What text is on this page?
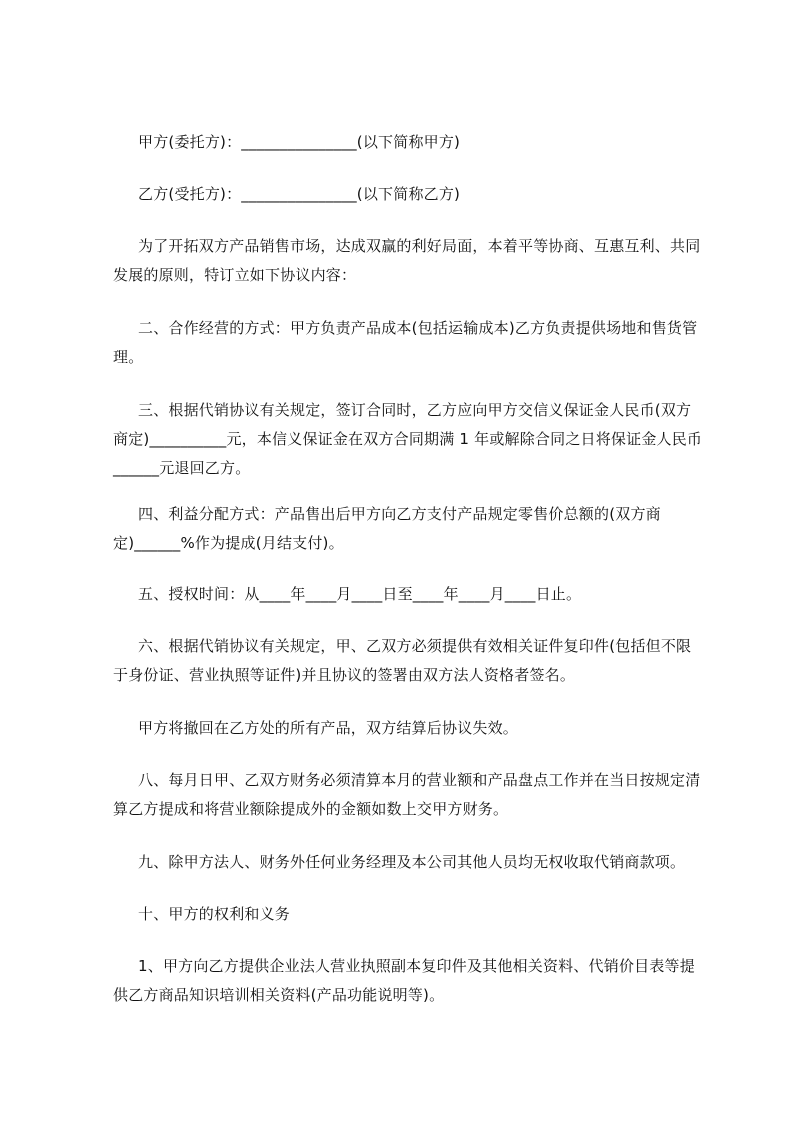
甲方(委托方)：_______________(以下简称甲方)

乙方(受托方)：_______________(以下简称乙方)

为了开拓双方产品销售市场，达成双赢的利好局面，本着平等协商、互惠互利、共同发展的原则，特订立如下协议内容：

二、合作经营的方式：甲方负责产品成本(包括运输成本)乙方负责提供场地和售货管理。

三、根据代销协议有关规定，签订合同时，乙方应向甲方交信义保证金人民币(双方商定)__________元，本信义保证金在双方合同期满 1 年或解除合同之日将保证金人民币______元退回乙方。

四、利益分配方式：产品售出后甲方向乙方支付产品规定零售价总额的(双方商定)______%作为提成(月结支付)。

五、授权时间：从____年____月____日至____年____月____日止。

六、根据代销协议有关规定，甲、乙双方必须提供有效相关证件复印件(包括但不限于身份证、营业执照等证件)并且协议的签署由双方法人资格者签名。

甲方将撤回在乙方处的所有产品，双方结算后协议失效。

八、每月日甲、乙双方财务必须清算本月的营业额和产品盘点工作并在当日按规定清算乙方提成和将营业额除提成外的金额如数上交甲方财务。

九、除甲方法人、财务外任何业务经理及本公司其他人员均无权收取代销商款项。

十、甲方的权利和义务

1、甲方向乙方提供企业法人营业执照副本复印件及其他相关资料、代销价目表等提供乙方商品知识培训相关资料(产品功能说明等)。
